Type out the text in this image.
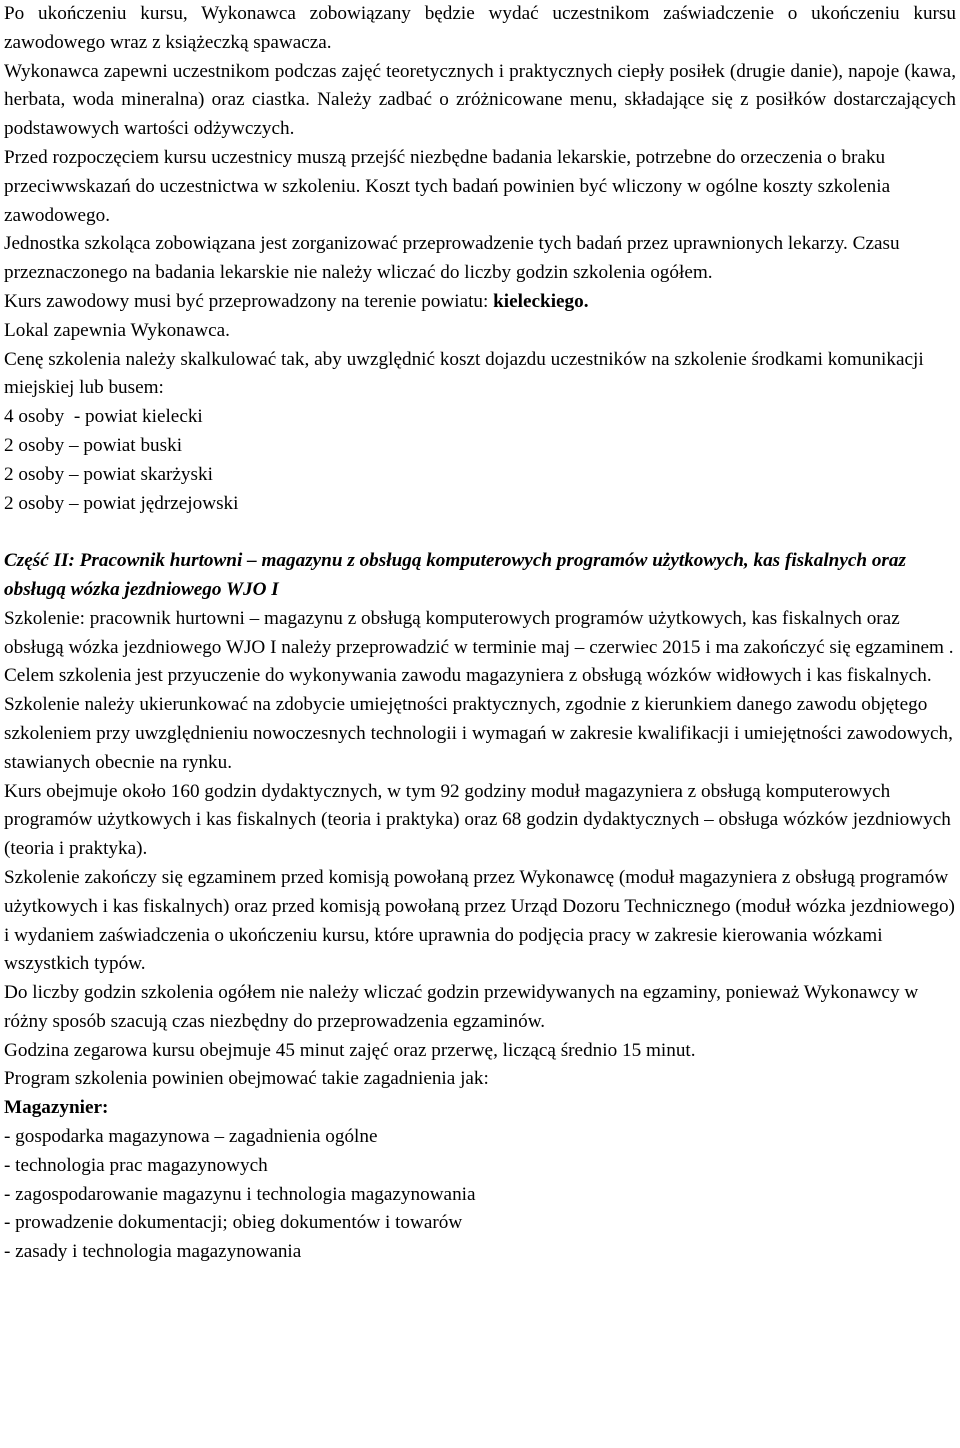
Po ukończeniu kursu, Wykonawca zobowiązany będzie wydać uczestnikom zaświadczenie o ukończeniu kursu zawodowego wraz z książeczką spawacza.

Wykonawca zapewni uczestnikom podczas zajęć teoretycznych i praktycznych ciepły posiłek (drugie danie), napoje (kawa, herbata, woda mineralna) oraz ciastka. Należy zadbać o zróżnicowane menu, składające się z posiłków dostarczających podstawowych wartości odżywczych.

Przed rozpoczęciem kursu uczestnicy muszą przejść niezbędne badania lekarskie, potrzebne do orzeczenia o braku przeciwwskazań do uczestnictwa w szkoleniu. Koszt tych badań powinien być wliczony w ogólne koszty szkolenia zawodowego.

Jednostka szkoląca zobowiązana jest zorganizować przeprowadzenie tych badań przez uprawnionych lekarzy. Czasu przeznaczonego na badania lekarskie nie należy wliczać do liczby godzin szkolenia ogółem.

Kurs zawodowy musi być przeprowadzony na terenie powiatu: kieleckiego.

Lokal zapewnia Wykonawca.

Cenę szkolenia należy skalkulować tak, aby uwzględnić koszt dojazdu uczestników na szkolenie środkami komunikacji miejskiej lub busem:

4 osoby  - powiat kielecki

2 osoby – powiat buski

2 osoby – powiat skarżyski

2 osoby – powiat jędrzejowski

Część II: Pracownik hurtowni – magazynu z obsługą komputerowych programów użytkowych, kas fiskalnych oraz obsługą wózka jezdniowego WJO I

Szkolenie: pracownik hurtowni – magazynu z obsługą komputerowych programów użytkowych, kas fiskalnych oraz obsługą wózka jezdniowego WJO I należy przeprowadzić w terminie maj – czerwiec 2015 i ma zakończyć się egzaminem .

Celem szkolenia jest przyuczenie do wykonywania zawodu magazyniera z obsługą wózków widłowych i kas fiskalnych. Szkolenie należy ukierunkować na zdobycie umiejętności praktycznych, zgodnie z kierunkiem danego zawodu objętego szkoleniem przy uwzględnieniu nowoczesnych technologii i wymagań w zakresie kwalifikacji i umiejętności zawodowych, stawianych obecnie na rynku.

Kurs obejmuje około 160 godzin dydaktycznych, w tym 92 godziny moduł magazyniera z obsługą komputerowych programów użytkowych i kas fiskalnych (teoria i praktyka) oraz 68 godzin dydaktycznych – obsługa wózków jezdniowych (teoria i praktyka).

Szkolenie zakończy się egzaminem przed komisją powołaną przez Wykonawcę (moduł magazyniera z obsługą programów użytkowych i kas fiskalnych) oraz przed komisją powołaną przez Urząd Dozoru Technicznego (moduł wózka jezdniowego) i wydaniem zaświadczenia o ukończeniu kursu, które uprawnia do podjęcia pracy w zakresie kierowania wózkami wszystkich typów.

Do liczby godzin szkolenia ogółem nie należy wliczać godzin przewidywanych na egzaminy, ponieważ Wykonawcy w różny sposób szacują czas niezbędny do przeprowadzenia egzaminów.

Godzina zegarowa kursu obejmuje 45 minut zajęć oraz przerwę, liczącą średnio 15 minut.

Program szkolenia powinien obejmować takie zagadnienia jak:

Magazynier:

- gospodarka magazynowa – zagadnienia ogólne

- technologia prac magazynowych

- zagospodarowanie magazynu i technologia magazynowania

- prowadzenie dokumentacji; obieg dokumentów i towarów

- zasady i technologia magazynowania
